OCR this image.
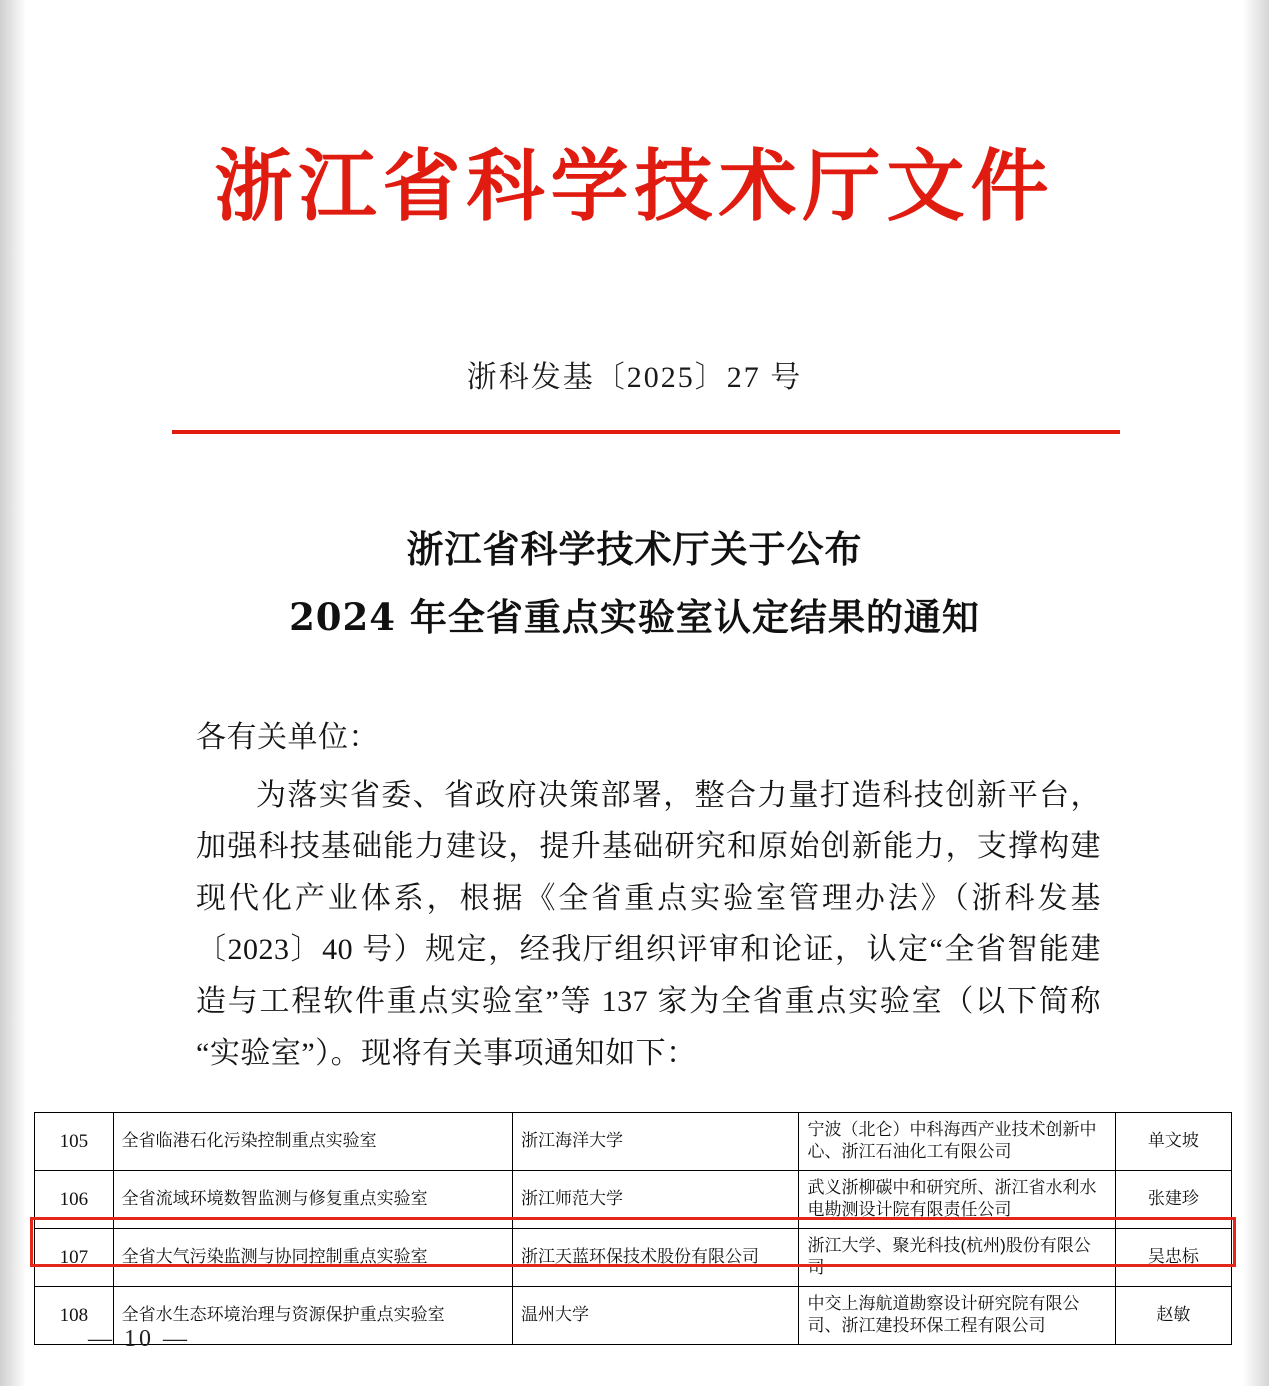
浙江省科学技术厅文件
浙科发基〔2025〕27 号
浙江省科学技术厅关于公布
2024 年全省重点实验室认定结果的通知

各有关单位：

为落实省委、省政府决策部署，整合力量打造科技创新平台，加强科技基础能力建设，提升基础研究和原始创新能力，支撑构建现代化产业体系，根据《全省重点实验室管理办法》（浙科发基〔2023〕40 号）规定，经我厅组织评审和论证，认定“全省智能建造与工程软件重点实验室”等 137 家为全省重点实验室（以下简称“实验室”）。现将有关事项通知如下：

105	全省临港石化污染控制重点实验室	浙江海洋大学	宁波（北仑）中科海西产业技术创新中心、浙江石油化工有限公司	单文坡
106	全省流域环境数智监测与修复重点实验室	浙江师范大学	武义浙柳碳中和研究所、浙江省水利水电勘测设计院有限责任公司	张建珍
107	全省大气污染监测与协同控制重点实验室	浙江天蓝环保技术股份有限公司	浙江大学、聚光科技(杭州)股份有限公司	吴忠标
108	全省水生态环境治理与资源保护重点实验室	温州大学	中交上海航道勘察设计研究院有限公司、浙江建投环保工程有限公司	赵敏
— 10 —
